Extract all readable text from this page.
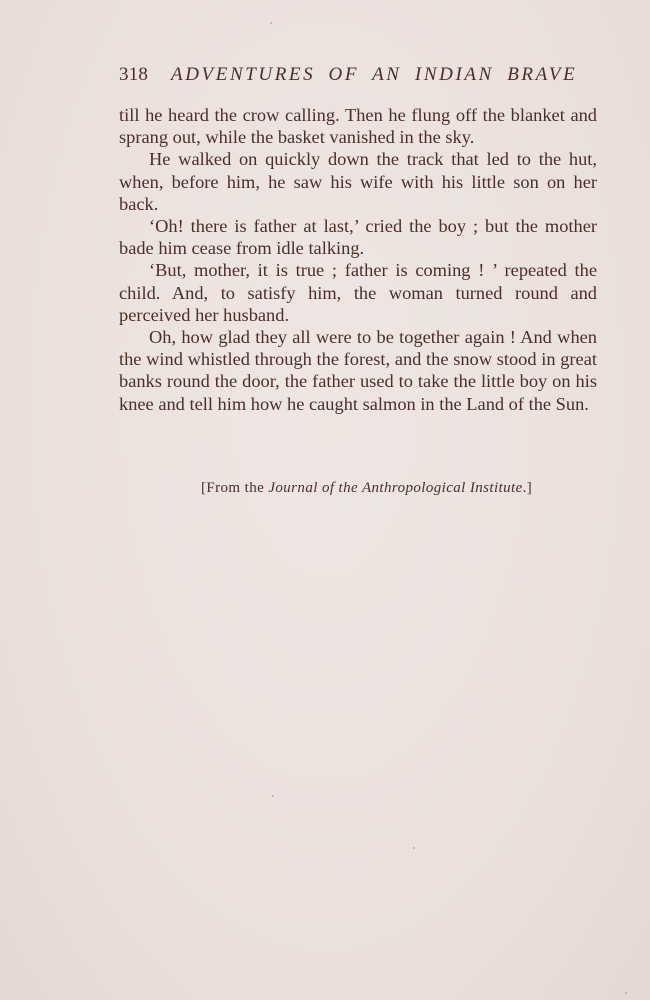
318 ADVENTURES OF AN INDIAN BRAVE

till he heard the crow calling. Then he flung off the blanket and sprang out, while the basket vanished in the sky.

He walked on quickly down the track that led to the hut, when, before him, he saw his wife with his little son on her back.

‘Oh! there is father at last,’ cried the boy ; but the mother bade him cease from idle talking.

‘But, mother, it is true ; father is coming ! ’ repeated the child. And, to satisfy him, the woman turned round and perceived her husband.

Oh, how glad they all were to be together again ! And when the wind whistled through the forest, and the snow stood in great banks round the door, the father used to take the little boy on his knee and tell him how he caught salmon in the Land of the Sun.

[From the Journal of the Anthropological Institute.]
